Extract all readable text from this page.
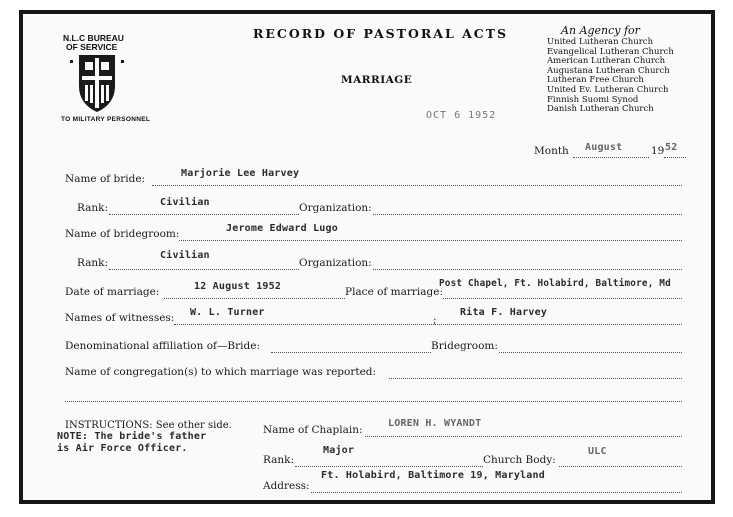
N.L.C BUREAU
OF SERVICE
TO MILITARY PERSONNEL
RECORD OF PASTORAL ACTS
MARRIAGE
OCT 6 1952
An Agency for
United Lutheran Church
Evangelical Lutheran Church
American Lutheran Church
Augustana Lutheran Church
Lutheran Free Church
United Ev. Lutheran Church
Finnish Suomi Synod
Danish Lutheran Church
Month August	19 52
Name of bride:	Marjorie Lee Harvey
Rank:	Civilian	Organization:
Name of bridegroom:	Jerome Edward Lugo
Rank:
Civilian
Organization:
Date of marriage:	12 August 1952	Place of marriage:
Post Chapel, Ft. Holabird, Baltimore, Md
Names of witnesses: W. L. Turner
;
Rita F. Harvey
Denominational affiliation of—Bride:	Bridegroom:
Name of congregation(s) to which marriage was reported:
INSTRUCTIONS: See other side.
NOTE: The bride's father
is Air Force Officer.
Name of Chaplain:
LOREN H. WYANDT
Rank:
Major
Church Body:
ULC
Address:
Ft. Holabird, Baltimore 19, Maryland
